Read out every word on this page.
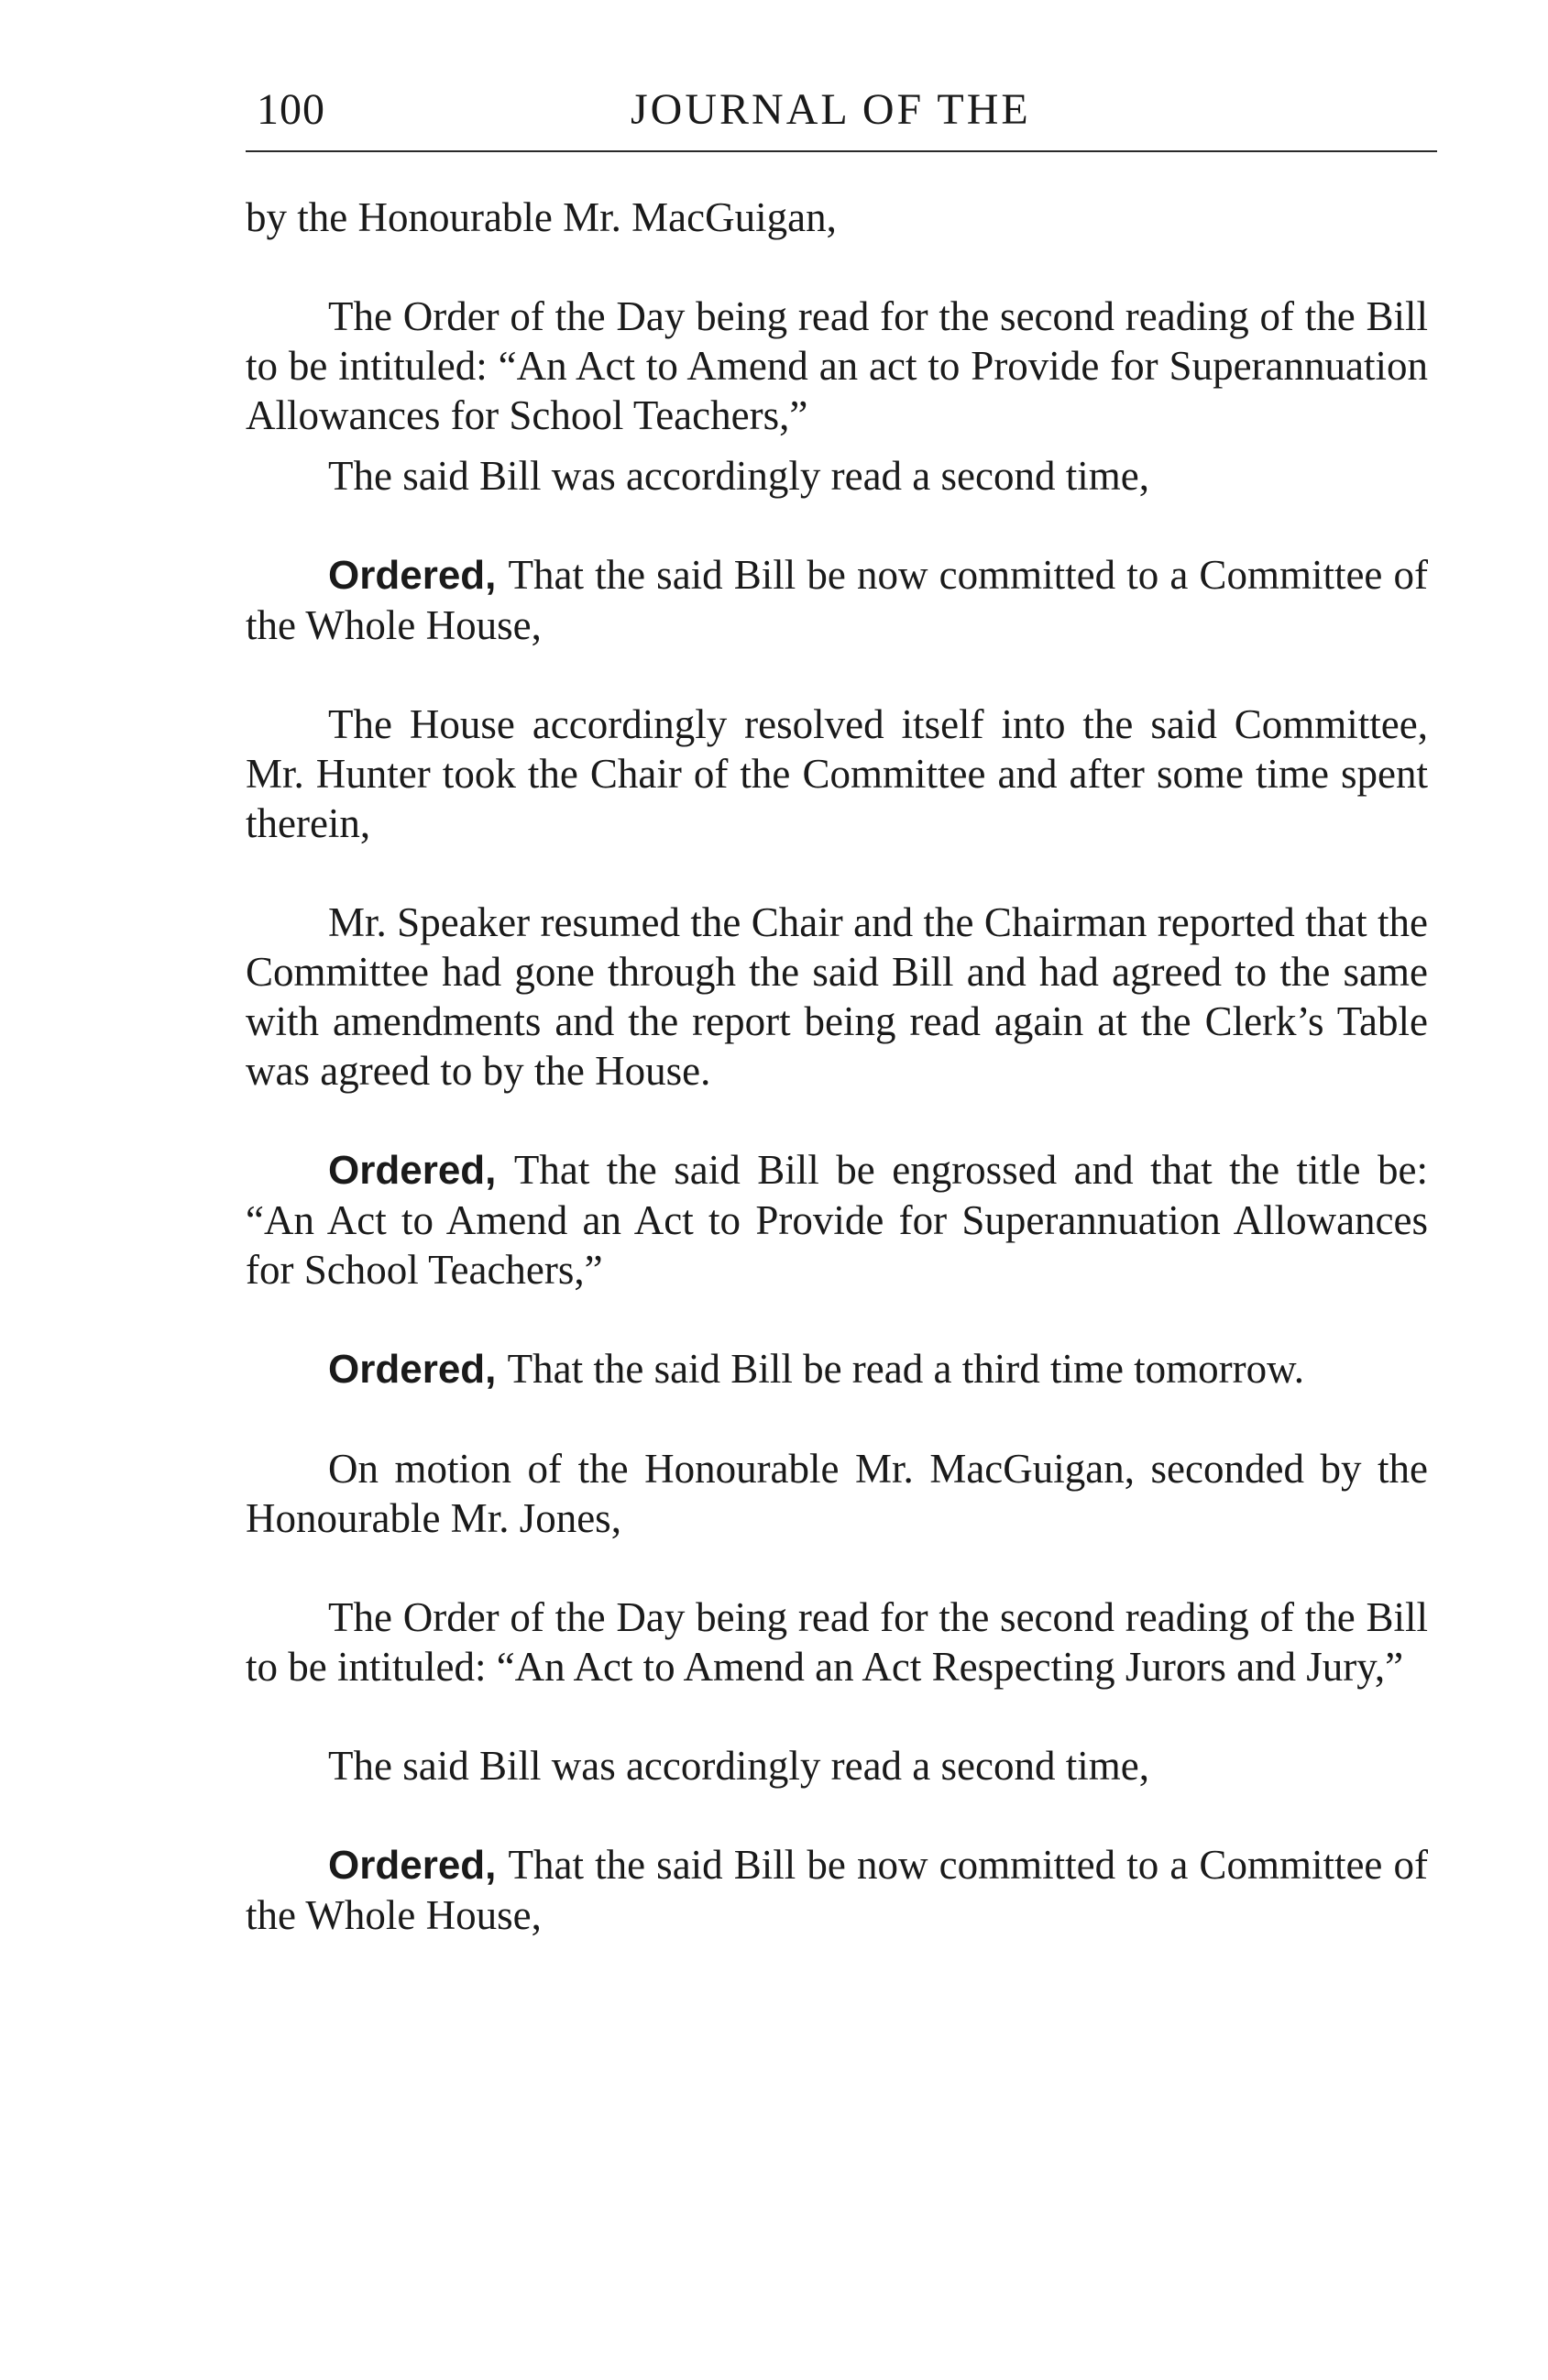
100	JOURNAL OF THE

by the Honourable Mr. MacGuigan,

The Order of the Day being read for the second reading of the Bill to be intituled: “An Act to Amend an act to Provide for Superannuation Allowances for School Teachers,”

The said Bill was accordingly read a second time,

Ordered, That the said Bill be now committed to a Committee of the Whole House,

The House accordingly resolved itself into the said Committee, Mr. Hunter took the Chair of the Committee and after some time spent therein,

Mr. Speaker resumed the Chair and the Chairman reported that the Committee had gone through the said Bill and had agreed to the same with amendments and the report being read again at the Clerk’s Table was agreed to by the House.

Ordered, That the said Bill be engrossed and that the title be: “An Act to Amend an Act to Provide for Superannuation Allowances for School Teachers,”

Ordered, That the said Bill be read a third time tomorrow.

On motion of the Honourable Mr. MacGuigan, seconded by the Honourable Mr. Jones,

The Order of the Day being read for the second reading of the Bill to be intituled: “An Act to Amend an Act Respecting Jurors and Jury,”

The said Bill was accordingly read a second time,

Ordered, That the said Bill be now committed to a Committee of the Whole House,
